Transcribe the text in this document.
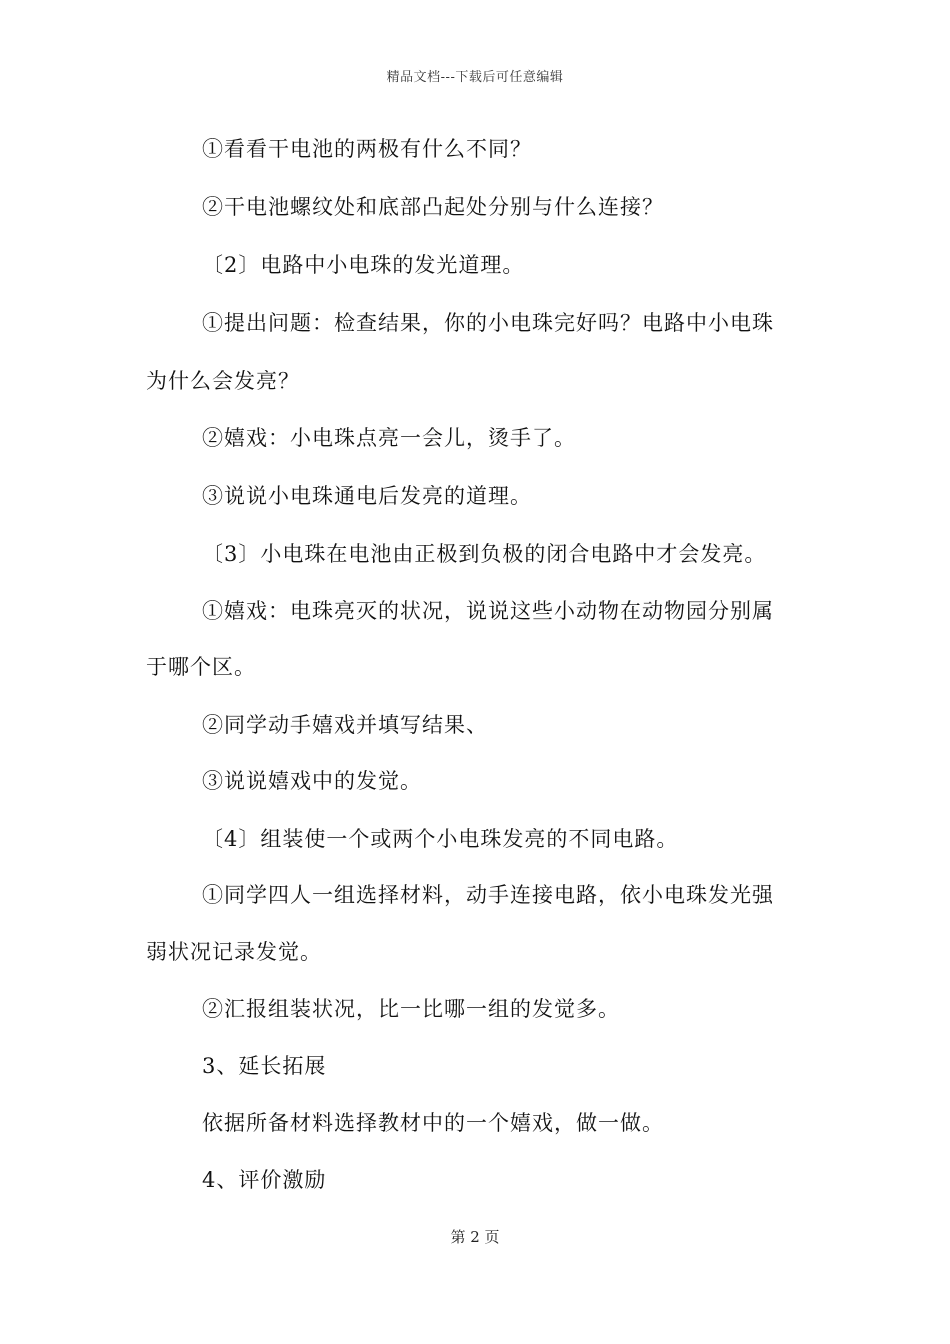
精品文档---下载后可任意编辑
①看看干电池的两极有什么不同？
②干电池螺纹处和底部凸起处分别与什么连接？
〔2〕电路中小电珠的发光道理。
①提出问题：检查结果，你的小电珠完好吗？电路中小电珠
为什么会发亮？
②嬉戏：小电珠点亮一会儿，烫手了。
③说说小电珠通电后发亮的道理。
〔3〕小电珠在电池由正极到负极的闭合电路中才会发亮。
①嬉戏：电珠亮灭的状况，说说这些小动物在动物园分别属
于哪个区。
②同学动手嬉戏并填写结果、
③说说嬉戏中的发觉。
〔4〕组装使一个或两个小电珠发亮的不同电路。
①同学四人一组选择材料，动手连接电路，依小电珠发光强
弱状况记录发觉。
②汇报组装状况，比一比哪一组的发觉多。
3、延长拓展
依据所备材料选择教材中的一个嬉戏，做一做。
4、评价激励
第 2 页
